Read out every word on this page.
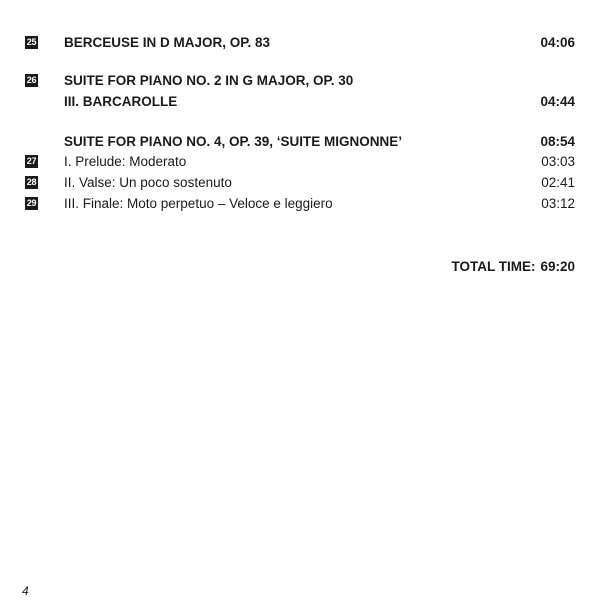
25 BERCEUSE IN D MAJOR, OP. 83	04:06
26 SUITE FOR PIANO NO. 2 IN G MAJOR, OP. 30
III. BARCAROLLE	04:44
SUITE FOR PIANO NO. 4, OP. 39, ‘SUITE MIGNONNE’	08:54
27 I. Prelude: Moderato	03:03
28 II. Valse: Un poco sostenuto	02:41
29 III. Finale: Moto perpetuo – Veloce e leggiero	03:12
TOTAL TIME: 69:20
4
